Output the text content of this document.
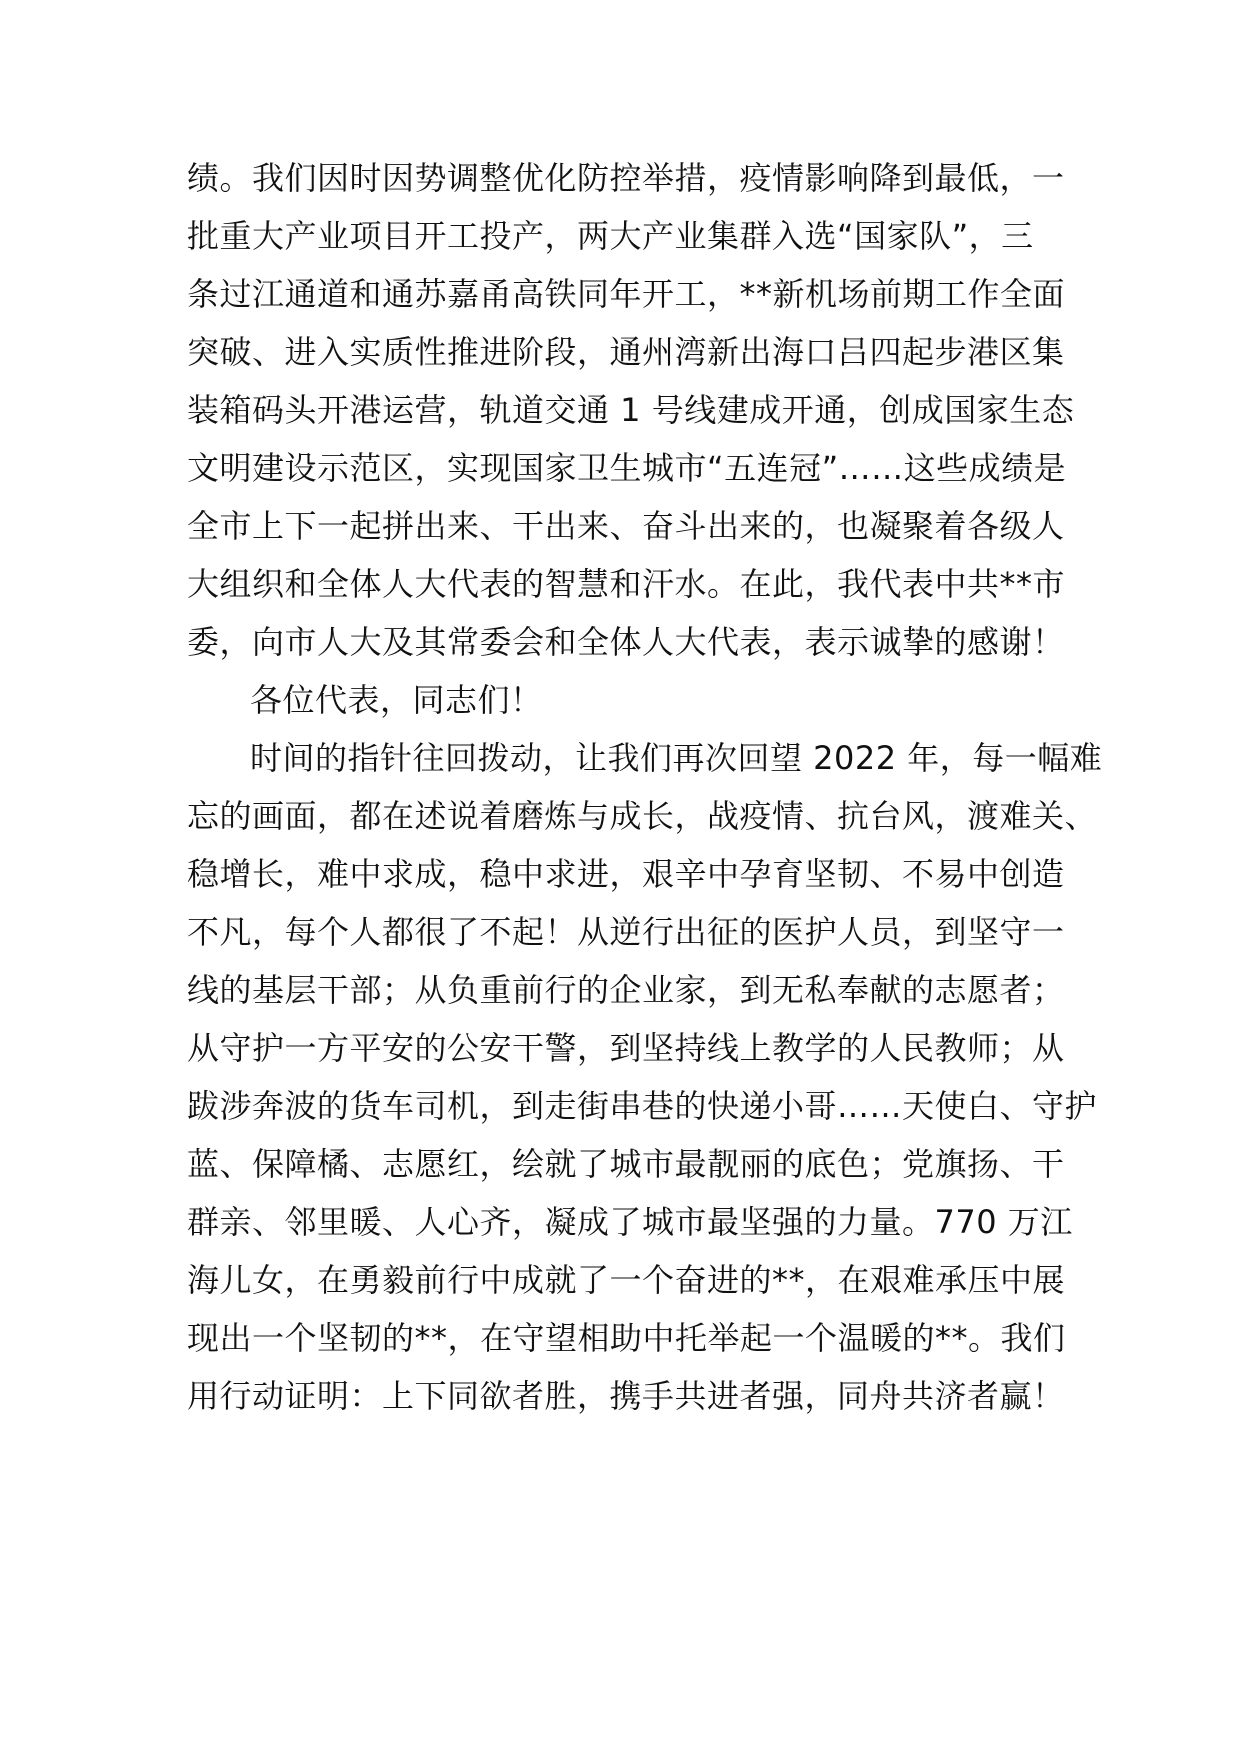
绩。我们因时因势调整优化防控举措，疫情影响降到最低，一
批重大产业项目开工投产，两大产业集群入选“国家队”，三
条过江通道和通苏嘉甬高铁同年开工，**新机场前期工作全面
突破、进入实质性推进阶段，通州湾新出海口吕四起步港区集
装箱码头开港运营，轨道交通 1 号线建成开通，创成国家生态
文明建设示范区，实现国家卫生城市“五连冠”……这些成绩是
全市上下一起拼出来、干出来、奋斗出来的，也凝聚着各级人
大组织和全体人大代表的智慧和汗水。在此，我代表中共**市
委，向市人大及其常委会和全体人大代表，表示诚挚的感谢！
各位代表，同志们！
时间的指针往回拨动，让我们再次回望 2022 年，每一幅难
忘的画面，都在述说着磨炼与成长，战疫情、抗台风，渡难关、
稳增长，难中求成，稳中求进，艰辛中孕育坚韧、不易中创造
不凡，每个人都很了不起！从逆行出征的医护人员，到坚守一
线的基层干部；从负重前行的企业家，到无私奉献的志愿者；
从守护一方平安的公安干警，到坚持线上教学的人民教师；从
跋涉奔波的货车司机，到走街串巷的快递小哥……天使白、守护
蓝、保障橘、志愿红，绘就了城市最靓丽的底色；党旗扬、干
群亲、邻里暖、人心齐，凝成了城市最坚强的力量。770 万江
海儿女，在勇毅前行中成就了一个奋进的**，在艰难承压中展
现出一个坚韧的**，在守望相助中托举起一个温暖的**。我们
用行动证明：上下同欲者胜，携手共进者强，同舟共济者赢！
